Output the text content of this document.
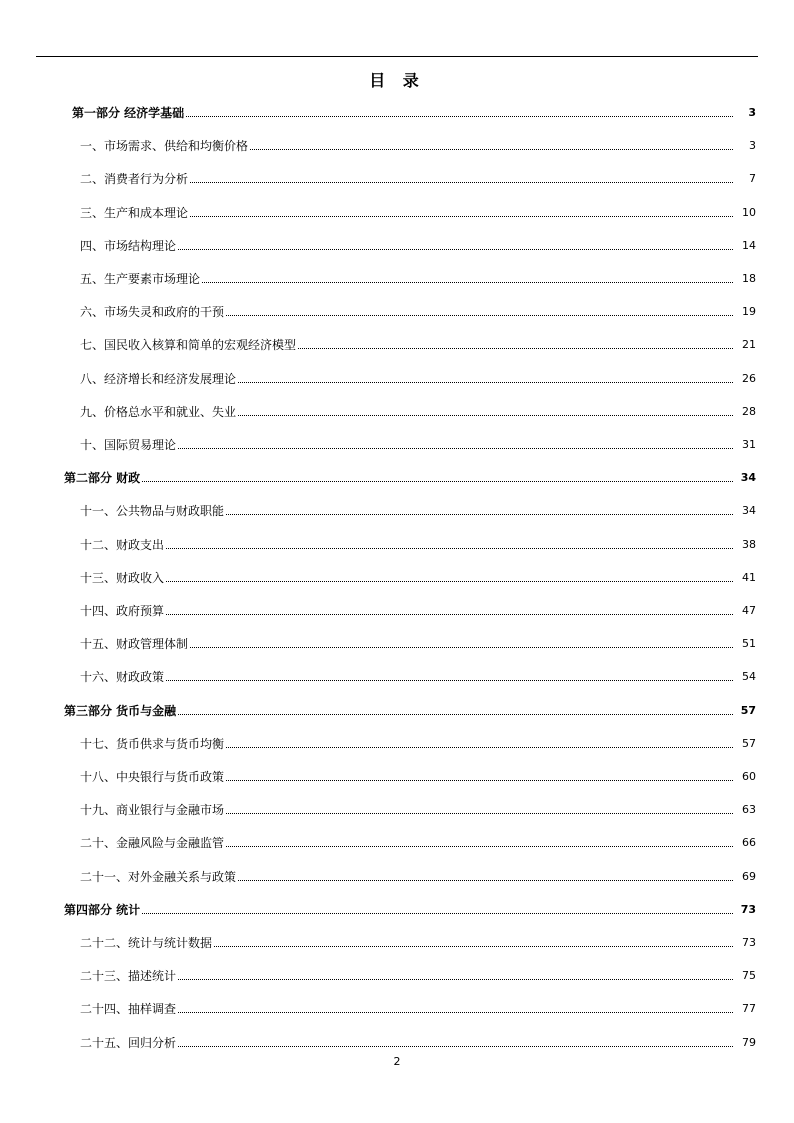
目 录
第一部分 经济学基础	3
一、市场需求、供给和均衡价格	3
二、消费者行为分析	7
三、生产和成本理论	10
四、市场结构理论	14
五、生产要素市场理论	18
六、市场失灵和政府的干预	19
七、国民收入核算和简单的宏观经济模型	21
八、经济增长和经济发展理论	26
九、价格总水平和就业、失业	28
十、国际贸易理论	31
第二部分 财政	34
十一、公共物品与财政职能	34
十二、财政支出	38
十三、财政收入	41
十四、政府预算	47
十五、财政管理体制	51
十六、财政政策	54
第三部分 货币与金融	57
十七、货币供求与货币均衡	57
十八、中央银行与货币政策	60
十九、商业银行与金融市场	63
二十、金融风险与金融监管	66
二十一、对外金融关系与政策	69
第四部分 统计	73
二十二、统计与统计数据	73
二十三、描述统计	75
二十四、抽样调查	77
二十五、回归分析	79
2
